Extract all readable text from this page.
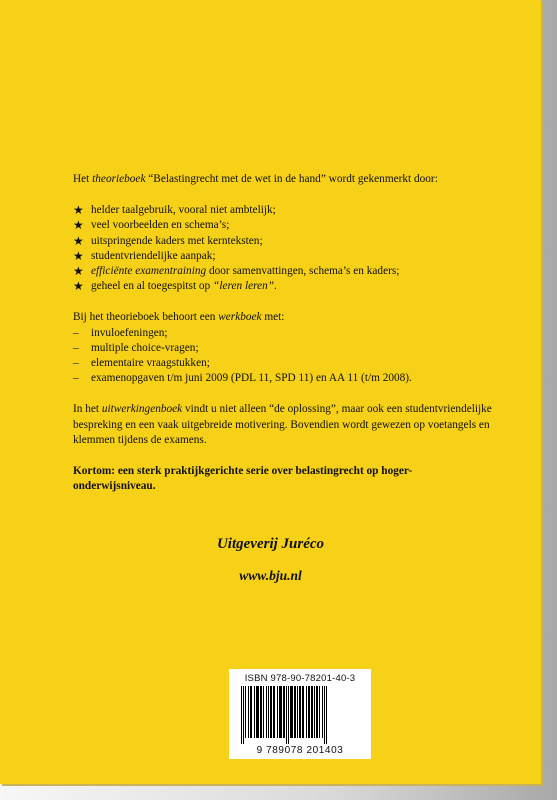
Het theorieboek “Belastingrecht met de wet in de hand” wordt gekenmerkt door:

★ helder taalgebruik, vooral niet ambtelijk;
★ veel voorbeelden en schema’s;
★ uitspringende kaders met kernteksten;
★ studentvriendelijke aanpak;
★ efficiënte examentraining door samenvattingen, schema’s en kaders;
★ geheel en al toegespitst op “leren leren”.

Bij het theorieboek behoort een werkboek met:

–	invuloefeningen;
–	multiple choice-vragen;
–	elementaire vraagstukken;
–	examenopgaven t/m juni 2009 (PDL 11, SPD 11) en AA 11 (t/m 2008).

In het uitwerkingenboek vindt u niet alleen “de oplossing”, maar ook een studentvriendelijke bespreking en een vaak uitgebreide motivering. Bovendien wordt gewezen op voetangels en klemmen tijdens de examens.

Kortom: een sterk praktijkgerichte serie over belastingrecht op hoger-onderwijsniveau.

Uitgeverij Juréco
www.bju.nl
ISBN 978-90-78201-40-3
9 789078 201403
